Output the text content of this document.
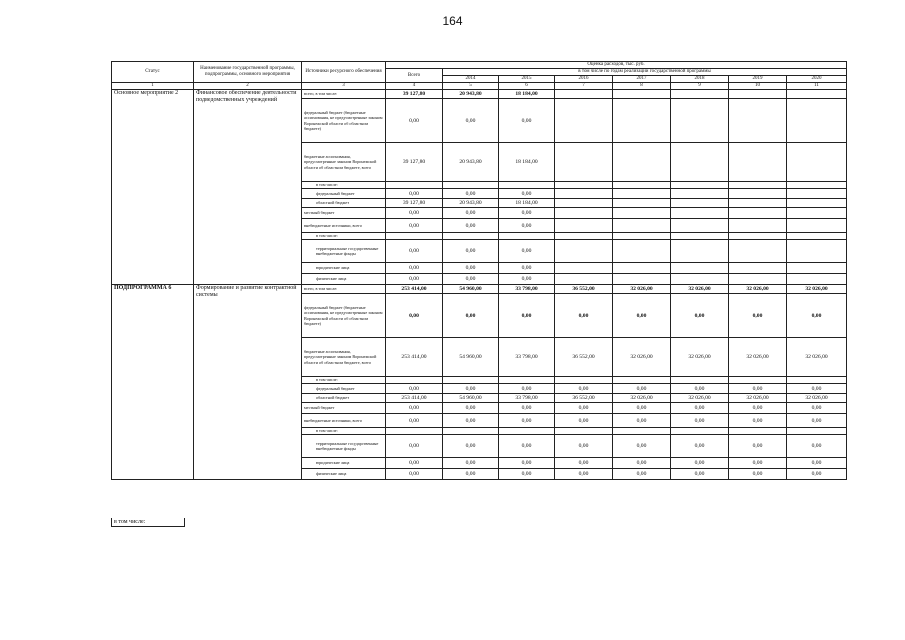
164
Статус	Наименование государственной программы, подпрограммы, основного мероприятия	Источники ресурсного обеспечения	Оценка расходов, тыс. руб.							
			Всего	в том числе по годам реализации государственной программы						
				2014	2015	2016	2017	2018	2019	2020
1	2	3	4	5	6	7	8	9	10	11
Основное мероприятие 2	Финансовое обеспечение деятельности подведомственных учреждений	всего, в том числе:	39 127,80	20 943,80	18 184,00					
		федеральный бюджет (бюджетные ассигнования, не предусмотренные законом Воронежской области об областном бюджете)	0,00	0,00	0,00					
		бюджетные ассигнования, предусмотренные законом Воронежской области об областном бюджете, всего	39 127,80	20 943,80	18 184,00					
		в том числе:								
		федеральный бюджет	0,00	0,00	0,00					
		областной бюджет	39 127,80	20 943,80	18 184,00					
		местный бюджет	0,00	0,00	0,00					
		внебюджетные источники, всего	0,00	0,00	0,00					
		в том числе:								
		территориальные государственные внебюджетные фонды	0,00	0,00	0,00					
		юридические лица	0,00	0,00	0,00					
		физические лица	0,00	0,00	0,00					
ПОДПРОГРАММА 6	Формирование и развитие контрактной системы	всего, в том числе:	253 414,00	54 960,00	33 798,00	36 552,00	32 026,00	32 026,00	32 026,00	32 026,00
		федеральный бюджет (бюджетные ассигнования, не предусмотренные законом Воронежской области об областном бюджете)	0,00	0,00	0,00	0,00	0,00	0,00	0,00	0,00
		бюджетные ассигнования, предусмотренные законом Воронежской области об областном бюджете, всего	253 414,00	54 960,00	33 798,00	36 552,00	32 026,00	32 026,00	32 026,00	32 026,00
		в том числе:								
		федеральный бюджет	0,00	0,00	0,00	0,00	0,00	0,00	0,00	0,00
		областной бюджет	253 414,00	54 960,00	33 798,00	36 552,00	32 026,00	32 026,00	32 026,00	32 026,00
		местный бюджет	0,00	0,00	0,00	0,00	0,00	0,00	0,00	0,00
		внебюджетные источники, всего	0,00	0,00	0,00	0,00	0,00	0,00	0,00	0,00
		в том числе:								
		территориальные государственные внебюджетные фонды	0,00	0,00	0,00	0,00	0,00	0,00	0,00	0,00
		юридические лица	0,00	0,00	0,00	0,00	0,00	0,00	0,00	0,00
		физические лица	0,00	0,00	0,00	0,00	0,00	0,00	0,00	0,00
в том числе:
